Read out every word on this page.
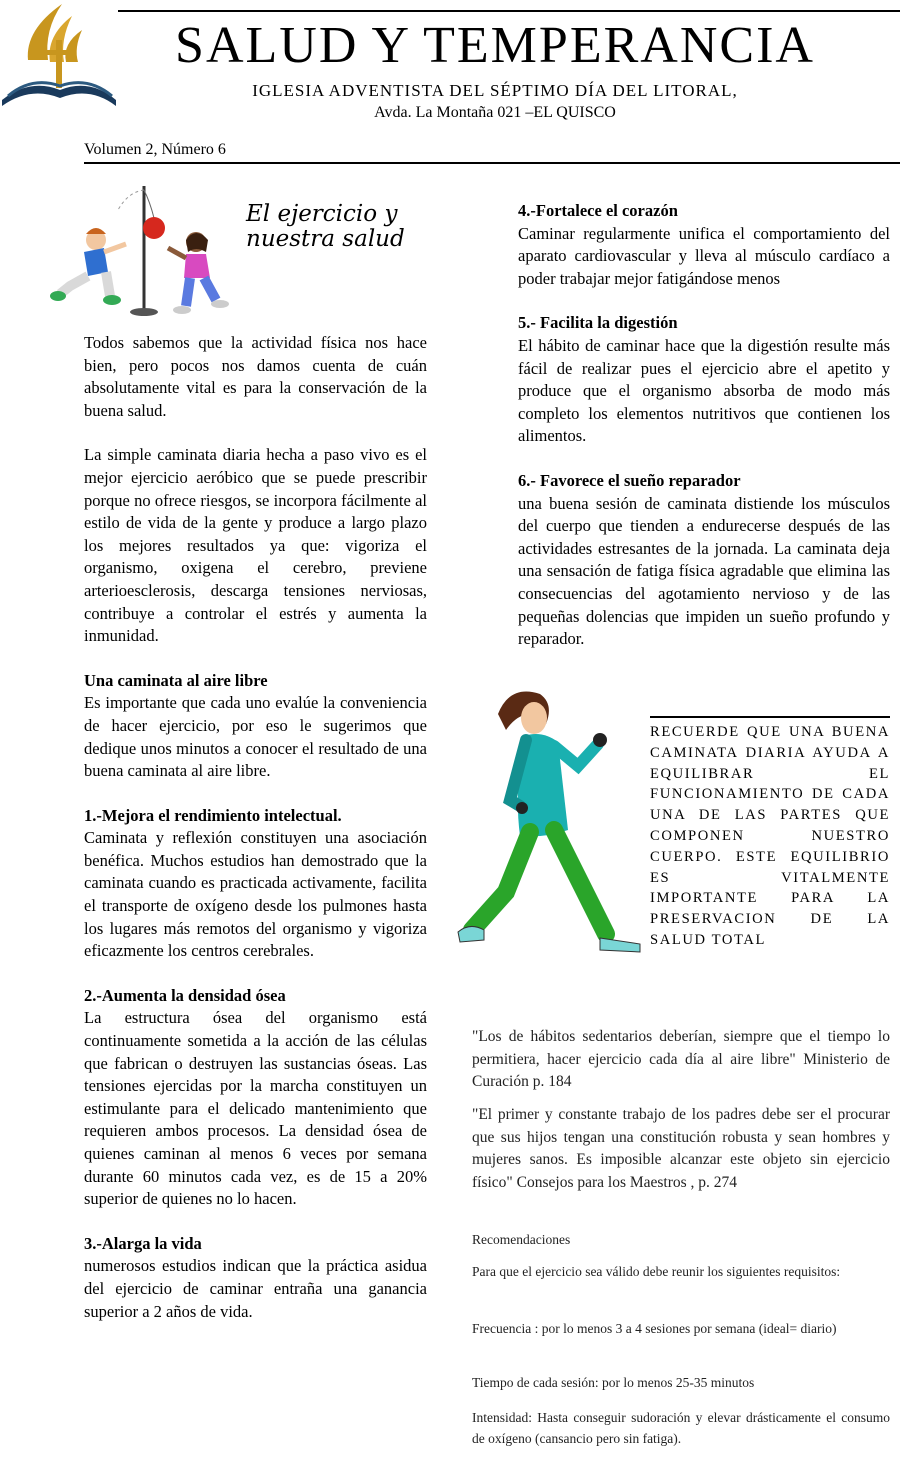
SALUD Y TEMPERANCIA
IGLESIA ADVENTISTA DEL SÉPTIMO DÍA DEL LITORAL,
Avda. La Montaña 021 –EL QUISCO
Volumen 2, Número 6
El ejercicio y nuestra salud

Todos sabemos que la actividad física nos hace bien, pero pocos nos damos cuenta de cuán absolutamente vital es para la conservación de la buena salud.

La simple caminata diaria hecha a paso vivo es el mejor ejercicio aeróbico que se puede prescribir porque no ofrece riesgos, se incorpora fácilmente al estilo de vida de la gente y produce a largo plazo los mejores resultados ya que: vigoriza el organismo, oxigena el cerebro, previene arterioesclerosis, descarga tensiones nerviosas, contribuye a controlar el estrés y aumenta la inmunidad.

Una caminata al aire libre

Es importante que cada uno evalúe la conveniencia de hacer ejercicio, por eso le sugerimos que dedique unos minutos a conocer el resultado de una buena caminata al aire libre.

1.-Mejora el rendimiento intelectual.

Caminata y reflexión constituyen una asociación benéfica. Muchos estudios han demostrado que la caminata cuando es practicada activamente, facilita el transporte de oxígeno desde los pulmones hasta los lugares más remotos del organismo y vigoriza eficazmente los centros cerebrales.

2.-Aumenta la densidad ósea

La estructura ósea del organismo está continuamente sometida a la acción de las células que fabrican o destruyen las sustancias óseas. Las tensiones ejercidas por la marcha constituyen un estimulante para el delicado mantenimiento que requieren ambos procesos. La densidad ósea de quienes caminan al menos 6 veces por semana durante 60 minutos cada vez, es de 15 a 20% superior de quienes no lo hacen.

3.-Alarga la vida

numerosos estudios indican que la práctica asidua del ejercicio de caminar entraña una ganancia superior a 2 años de vida.

4.-Fortalece el corazón

Caminar regularmente unifica el comportamiento del aparato cardiovascular y lleva al músculo cardíaco a poder trabajar mejor fatigándose menos

5.- Facilita la digestión

El hábito de caminar hace que la digestión resulte más fácil de realizar pues el ejercicio abre el apetito y produce que el organismo absorba de modo más completo los elementos nutritivos que contienen los alimentos.

6.- Favorece el sueño reparador

una buena sesión de caminata distiende los músculos del cuerpo que tienden a endurecerse después de las actividades estresantes de la jornada. La caminata deja una sensación de fatiga física agradable que elimina las consecuencias del agotamiento nervioso y de las pequeñas dolencias que impiden un sueño profundo y reparador.

RECUERDE QUE UNA BUENA CAMINATA DIARIA AYUDA A EQUILIBRAR EL FUNCIONAMIENTO DE CADA UNA DE LAS PARTES QUE COMPONEN NUESTRO CUERPO. ESTE EQUILIBRIO ES VITALMENTE IMPORTANTE PARA LA PRESERVACION DE LA SALUD TOTAL

"Los de hábitos sedentarios deberían, siempre que el tiempo lo permitiera, hacer ejercicio cada día al aire libre" Ministerio de Curación p. 184

"El primer y constante trabajo de los padres debe ser el procurar que sus hijos tengan una constitución robusta y sean hombres y mujeres sanos. Es imposible alcanzar este objeto sin ejercicio físico" Consejos para los Maestros , p. 274

Recomendaciones

Para que el ejercicio sea válido debe reunir los siguientes requisitos:

Frecuencia : por lo menos 3 a 4 sesiones por semana (ideal= diario)

Tiempo de cada sesión: por lo menos 25-35 minutos

Intensidad: Hasta conseguir sudoración y elevar drásticamente el consumo de oxígeno (cansancio pero sin fatiga).
